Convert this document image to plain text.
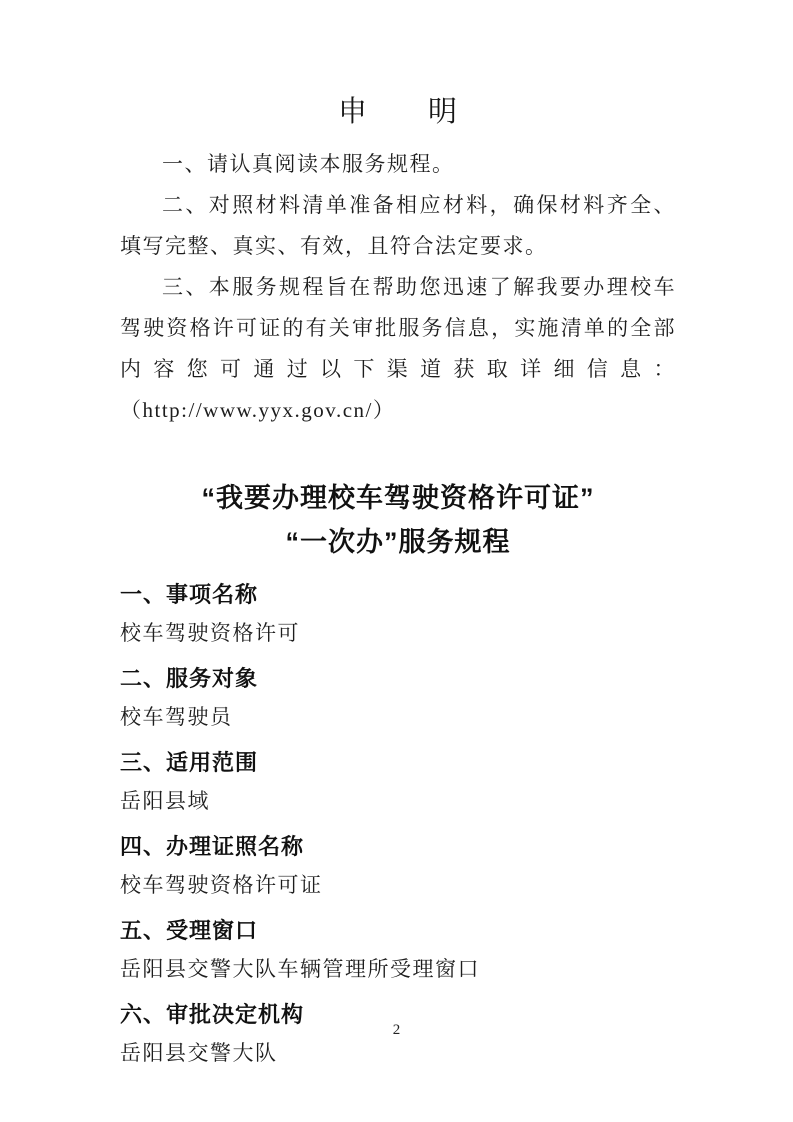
申　　明

一、请认真阅读本服务规程。

二、对照材料清单准备相应材料，确保材料齐全、填写完整、真实、有效，且符合法定要求。

三、本服务规程旨在帮助您迅速了解我要办理校车驾驶资格许可证的有关审批服务信息，实施清单的全部内容您可通过以下渠道获取详细信息：（http://www.yyx.gov.cn/）

“我要办理校车驾驶资格许可证”
“一次办”服务规程
一、事项名称

校车驾驶资格许可

二、服务对象

校车驾驶员

三、适用范围

岳阳县域

四、办理证照名称

校车驾驶资格许可证

五、受理窗口

岳阳县交警大队车辆管理所受理窗口

六、审批决定机构

岳阳县交警大队

2
